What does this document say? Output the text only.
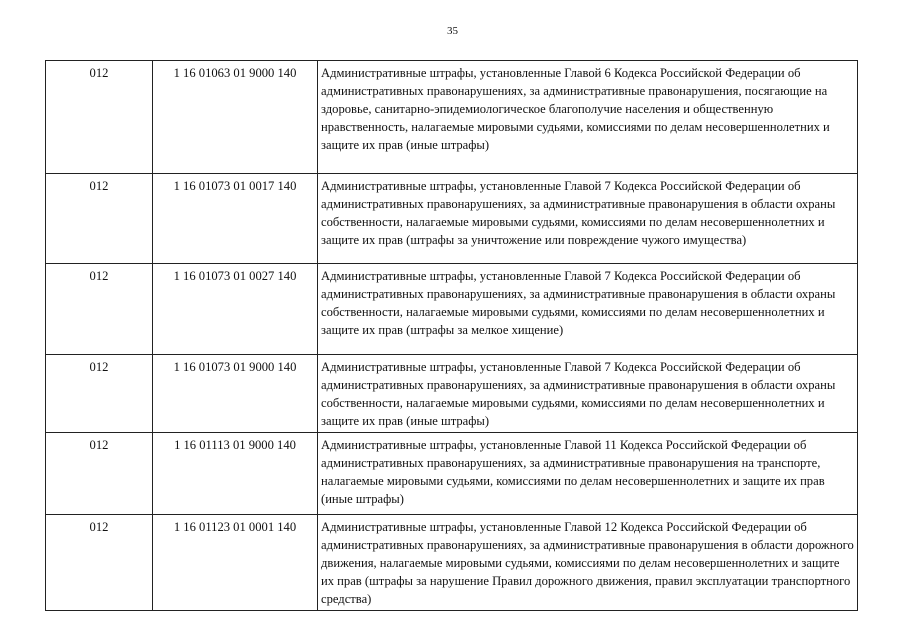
35
012	1 16 01063 01 9000 140	Административные штрафы, установленные Главой 6 Кодекса Российской Федерации об административных правонарушениях, за административные правонарушения, посягающие на здоровье, санитарно-эпидемиологическое благополучие населения и общественную нравственность, налагаемые мировыми судьями, комиссиями по делам несовершеннолетних и защите их прав (иные штрафы)
012	1 16 01073 01 0017 140	Административные штрафы, установленные Главой 7 Кодекса Российской Федерации об административных правонарушениях, за административные правонарушения в области охраны собственности, налагаемые мировыми судьями, комиссиями по делам несовершеннолетних и защите их прав (штрафы за уничтожение или повреждение чужого имущества)
012	1 16 01073 01 0027 140	Административные штрафы, установленные Главой 7 Кодекса Российской Федерации об административных правонарушениях, за административные правонарушения в области охраны собственности, налагаемые мировыми судьями, комиссиями по делам несовершеннолетних и защите их прав (штрафы за мелкое хищение)
012	1 16 01073 01 9000 140	Административные штрафы, установленные Главой 7 Кодекса Российской Федерации об административных правонарушениях, за административные правонарушения в области охраны собственности, налагаемые мировыми судьями, комиссиями по делам несовершеннолетних и защите их прав (иные штрафы)
012	1 16 01113 01 9000 140	Административные штрафы, установленные Главой 11 Кодекса Российской Федерации об административных правонарушениях, за административные правонарушения на транспорте, налагаемые мировыми судьями, комиссиями по делам несовершеннолетних и защите их прав (иные штрафы)
012	1 16 01123 01 0001 140	Административные штрафы, установленные Главой 12 Кодекса Российской Федерации об административных правонарушениях, за административные правонарушения в области дорожного движения, налагаемые мировыми судьями, комиссиями по делам несовершеннолетних и защите их прав (штрафы за нарушение Правил дорожного движения, правил эксплуатации транспортного средства)
